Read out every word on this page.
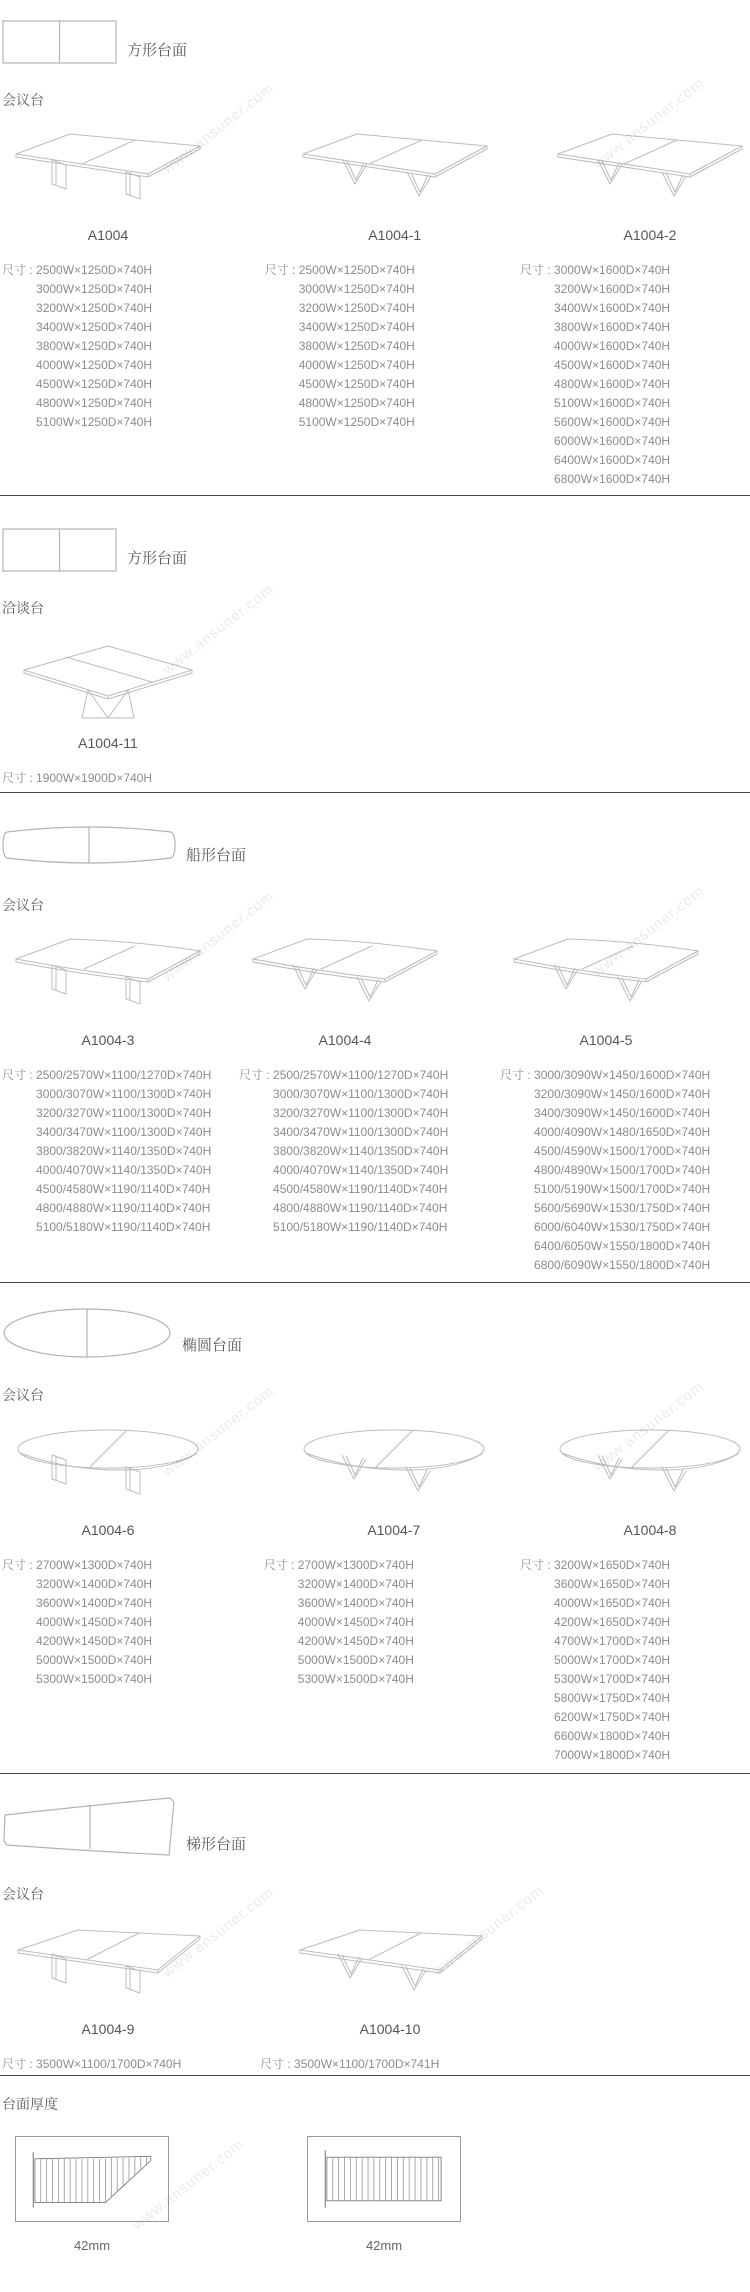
方形台面
会议台	www.ansuner.com	www.ansuner.com
A1004
尺寸 : 2500W×1250D×740H
3000W×1250D×740H
3200W×1250D×740H
3400W×1250D×740H
3800W×1250D×740H
4000W×1250D×740H
4500W×1250D×740H
4800W×1250D×740H
5100W×1250D×740H
A1004-1
尺寸 : 2500W×1250D×740H
3000W×1250D×740H
3200W×1250D×740H
3400W×1250D×740H
3800W×1250D×740H
4000W×1250D×740H
4500W×1250D×740H
4800W×1250D×740H
5100W×1250D×740H
A1004-2
尺寸 : 3000W×1600D×740H
3200W×1600D×740H
3400W×1600D×740H
3800W×1600D×740H
4000W×1600D×740H
4500W×1600D×740H
4800W×1600D×740H
5100W×1600D×740H
5600W×1600D×740H
6000W×1600D×740H
6400W×1600D×740H
6800W×1600D×740H
方形台面
洽谈台	www.ansuner.com
A1004-11
尺寸 : 1900W×1900D×740H
船形台面
会议台	www.ansuner.com	www.ansuner.com
A1004-3
尺寸 : 2500/2570W×1100/1270D×740H
3000/3070W×1100/1300D×740H
3200/3270W×1100/1300D×740H
3400/3470W×1100/1300D×740H
3800/3820W×1140/1350D×740H
4000/4070W×1140/1350D×740H
4500/4580W×1190/1140D×740H
4800/4880W×1190/1140D×740H
5100/5180W×1190/1140D×740H
A1004-4
尺寸 : 2500/2570W×1100/1270D×740H
3000/3070W×1100/1300D×740H
3200/3270W×1100/1300D×740H
3400/3470W×1100/1300D×740H
3800/3820W×1140/1350D×740H
4000/4070W×1140/1350D×740H
4500/4580W×1190/1140D×740H
4800/4880W×1190/1140D×740H
5100/5180W×1190/1140D×740H
A1004-5
尺寸 : 3000/3090W×1450/1600D×740H
3200/3090W×1450/1600D×740H
3400/3090W×1450/1600D×740H
4000/4090W×1480/1650D×740H
4500/4590W×1500/1700D×740H
4800/4890W×1500/1700D×740H
5100/5190W×1500/1700D×740H
5600/5690W×1530/1750D×740H
6000/6040W×1530/1750D×740H
6400/6050W×1550/1800D×740H
6800/6090W×1550/1800D×740H
椭圆台面
会议台	www.ansuner.com	www.ansuner.com
A1004-6
尺寸 : 2700W×1300D×740H
3200W×1400D×740H
3600W×1400D×740H
4000W×1450D×740H
4200W×1450D×740H
5000W×1500D×740H
5300W×1500D×740H
A1004-7
尺寸 : 2700W×1300D×740H
3200W×1400D×740H
3600W×1400D×740H
4000W×1450D×740H
4200W×1450D×740H
5000W×1500D×740H
5300W×1500D×740H
A1004-8
尺寸 : 3200W×1650D×740H
3600W×1650D×740H
4000W×1650D×740H
4200W×1650D×740H
4700W×1700D×740H
5000W×1700D×740H
5300W×1700D×740H
5800W×1750D×740H
6200W×1750D×740H
6600W×1800D×740H
7000W×1800D×740H
梯形台面
会议台	www.ansuner.com	www.ansuner.com
A1004-9
尺寸 : 3500W×1100/1700D×740H
A1004-10
尺寸 : 3500W×1100/1700D×741H
台面厚度
www.ansuner.com
42mm	42mm
